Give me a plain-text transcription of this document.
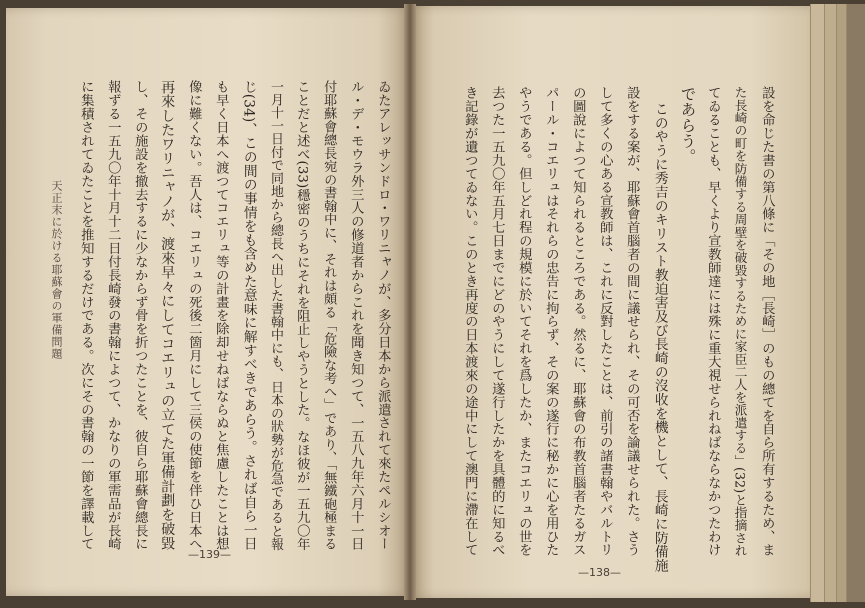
天正末に於ける耶蘇會の軍備問題	ゐたアレッサンドロ・ワリニャノが、多分日本から派遣されて來たペルシオー
ル・デ・モウラ外三人の修道者からこれを聞き知つて、一五八九年六月十一日
付耶蘇會總長宛の書翰中に、それは頗る「危險な考へ」であり、「無鐵砲極まる
ことだと述べ(33)穩密のうちにそれを阻止しやうとした。なほ彼が一五九〇年
一月十一日付で同地から總長へ出した書翰中にも、日本の狀勢が危急であると報
じ(34)、この間の事情をも含めた意味に解すべきであらう。されば自ら一日
も早く日本へ渡つてコエリュ等の計畫を除却せねばならぬと焦慮したことは想
像に難くない。吾人は、コエリュの死後二箇月にして三侯の使節を伴ひ日本へ
再來したワリニャノが、渡來早々にしてコエリュの立てた軍備計劃を破毀
し、その施設を撤去するに少なからず骨を折つたことを、彼自ら耶蘇會總長に
報ずる一五九〇年十月十二日付長崎發の書翰によつて、かなりの軍需品が長崎
に集積されてゐたことを推知するだけである。次にその書翰の一節を譯載して
—139—	設を命じた書の第八條に「その地［長崎］のもの總てを自ら所有するため、ま
た長崎の町を防備する周壁を破毀するために家臣二人を派遣する」(32)と指摘され
てゐることも、早くより宣教師達には殊に重大視せられねばならなかつたわけ
であらう。
このやうに秀吉のキリスト教迫害及び長崎の沒收を機として、長崎に防備施
設をする案が、耶蘇會首腦者の間に議せられ、その可否を論議せられた。さう
して多くの心ある宣教師は、これに反對したことは、前引の諸書翰やバルトリ
の圖說によつて知られるところである。然るに、耶蘇會の布教首腦者たるガス
パール・コエリュはそれらの忠告に拘らず、その案の遂行に秘かに心を用ひた
やうである。但しどれ程の規模に於いてそれを爲したか、またコエリュの世を
去つた一五九〇年五月七日までにどのやうにして遂行したかを具體的に知るべ
き記錄が遺つてゐない。このとき再度の日本渡來の途中にして澳門に滯在して
—138—
